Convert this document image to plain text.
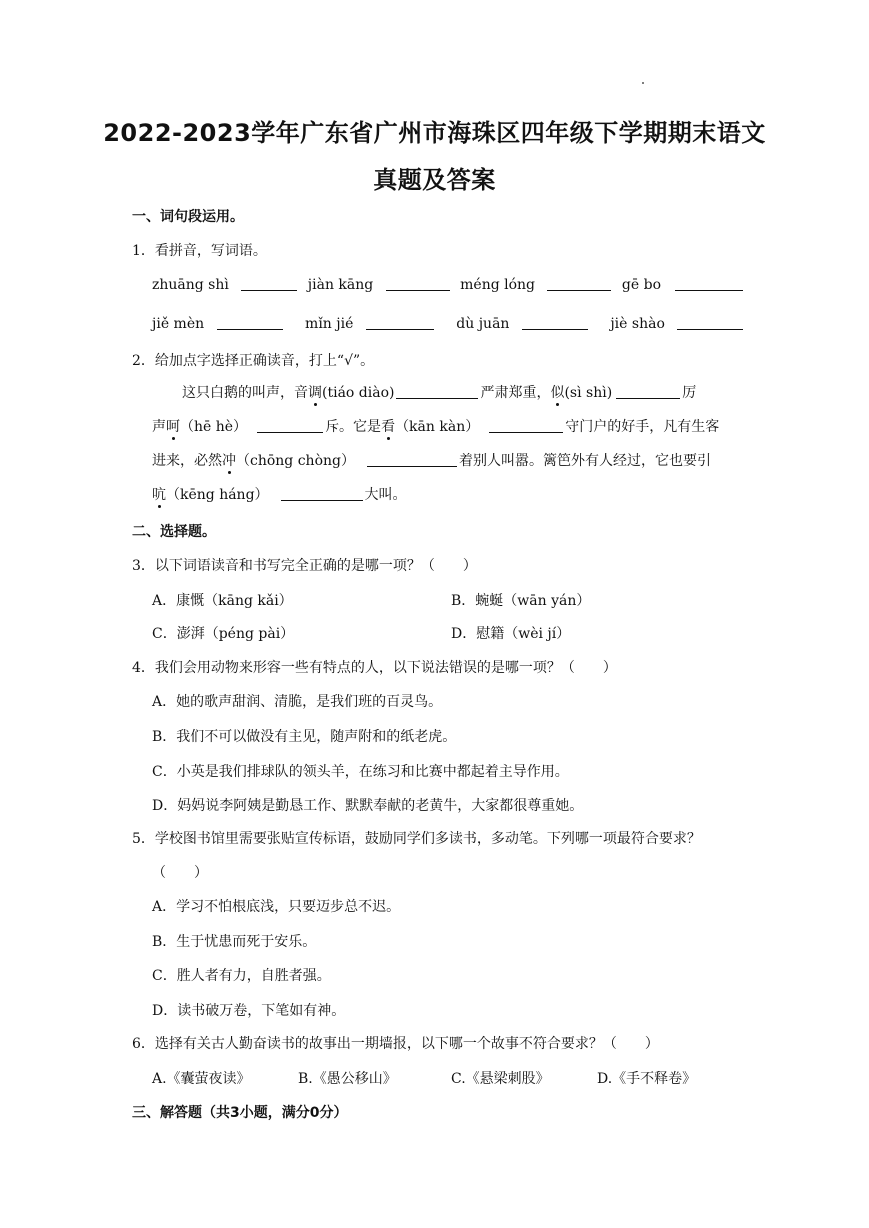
2022-2023学年广东省广州市海珠区四年级下学期期末语文
真题及答案
一、词句段运用。
1．看拼音，写词语。
zhuāng shì	jiàn kāng	méng lóng	gē bo
jiě mèn	mǐn jié	dù juān	jiè shào
2．给加点字选择正确读音，打上“√”。
这只白鹅的叫声，音调(tiáo diào)	严肃郑重，似(sì shì)	厉
声呵（hē hè）	斥。它是看（kān kàn）	守门户的好手，凡有生客
进来，必然冲（chōng chòng）	着别人叫嚣。篱笆外有人经过，它也要引
吭（kēng háng）	大叫。
二、选择题。
3．以下词语读音和书写完全正确的是哪一项？（　　）
A．康慨（kāng kǎi）	B．蜿蜒（wān yán）
C．澎湃（péng pài）	D．慰籍（wèi jí）
4．我们会用动物来形容一些有特点的人，以下说法错误的是哪一项？（　　）
A．她的歌声甜润、清脆，是我们班的百灵鸟。
B．我们不可以做没有主见，随声附和的纸老虎。
C．小英是我们排球队的领头羊，在练习和比赛中都起着主导作用。
D．妈妈说李阿姨是勤恳工作、默默奉献的老黄牛，大家都很尊重她。
5．学校图书馆里需要张贴宣传标语，鼓励同学们多读书，多动笔。下列哪一项最符合要求？
（　　）
A．学习不怕根底浅，只要迈步总不迟。
B．生于忧患而死于安乐。
C．胜人者有力，自胜者强。
D．读书破万卷，下笔如有神。
6．选择有关古人勤奋读书的故事出一期墙报，以下哪一个故事不符合要求？（　　）
A.《囊萤夜读》	B.《愚公移山》	C.《悬梁刺股》	D.《手不释卷》
三、解答题（共3小题，满分0分）
